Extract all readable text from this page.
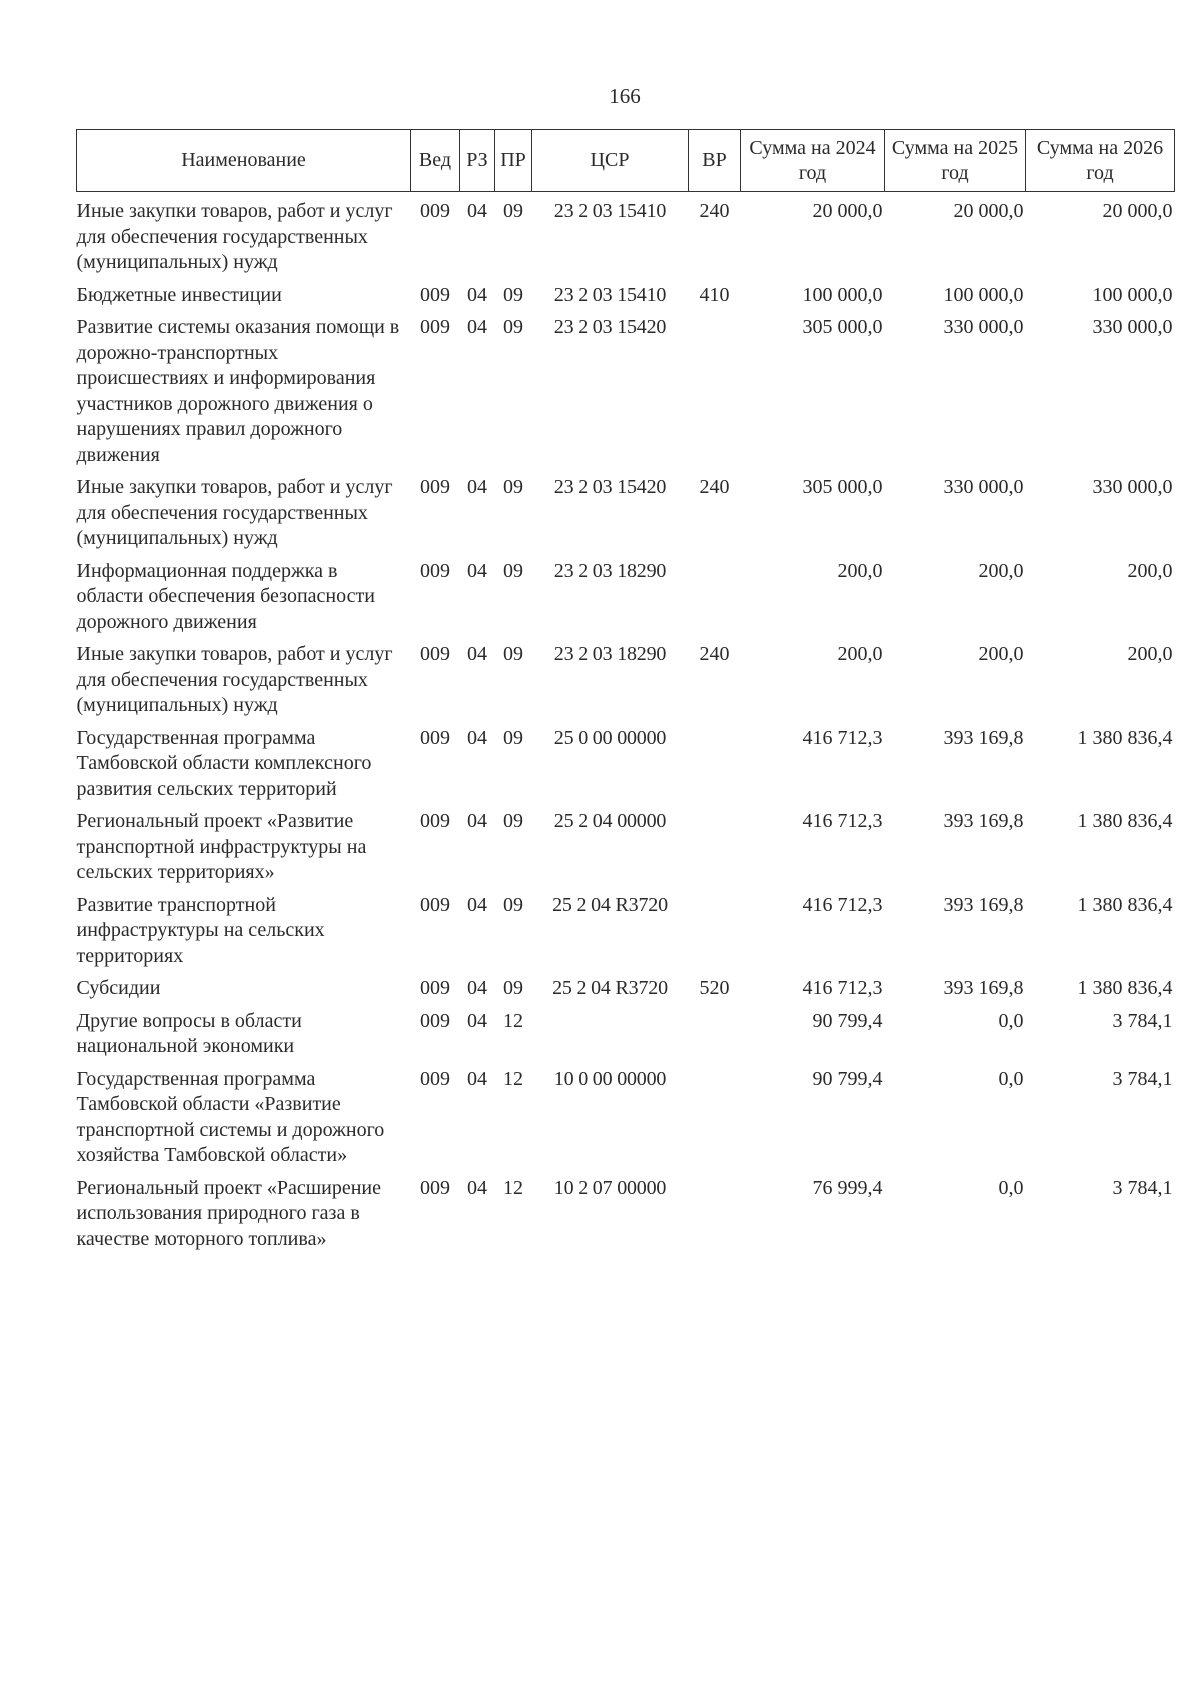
166
Наименование	Вед	РЗ	ПР	ЦСР	ВР	Сумма на 2024 год	Сумма на 2025 год	Сумма на 2026 год

Иные закупки товаров, работ и услуг для обеспечения государственных (муниципальных) нужд	009	04	09	23 2 03 15410	240	20 000,0	20 000,0	20 000,0
Бюджетные инвестиции	009	04	09	23 2 03 15410	410	100 000,0	100 000,0	100 000,0
Развитие системы оказания помощи в дорожно-транспортных происшествиях и информирования участников дорожного движения о нарушениях правил дорожного движения	009	04	09	23 2 03 15420		305 000,0	330 000,0	330 000,0
Иные закупки товаров, работ и услуг для обеспечения государственных (муниципальных) нужд	009	04	09	23 2 03 15420	240	305 000,0	330 000,0	330 000,0
Информационная поддержка в области обеспечения безопасности дорожного движения	009	04	09	23 2 03 18290		200,0	200,0	200,0
Иные закупки товаров, работ и услуг для обеспечения государственных (муниципальных) нужд	009	04	09	23 2 03 18290	240	200,0	200,0	200,0
Государственная программа Тамбовской области комплексного развития сельских территорий	009	04	09	25 0 00 00000		416 712,3	393 169,8	1 380 836,4
Региональный проект «Развитие транспортной инфраструктуры на сельских территориях»	009	04	09	25 2 04 00000		416 712,3	393 169,8	1 380 836,4
Развитие транспортной инфраструктуры на сельских территориях	009	04	09	25 2 04 R3720		416 712,3	393 169,8	1 380 836,4
Субсидии	009	04	09	25 2 04 R3720	520	416 712,3	393 169,8	1 380 836,4
Другие вопросы в области национальной экономики	009	04	12			90 799,4	0,0	3 784,1
Государственная программа Тамбовской области «Развитие транспортной системы и дорожного хозяйства Тамбовской области»	009	04	12	10 0 00 00000		90 799,4	0,0	3 784,1
Региональный проект «Расширение использования природного газа в качестве моторного топлива»	009	04	12	10 2 07 00000		76 999,4	0,0	3 784,1
